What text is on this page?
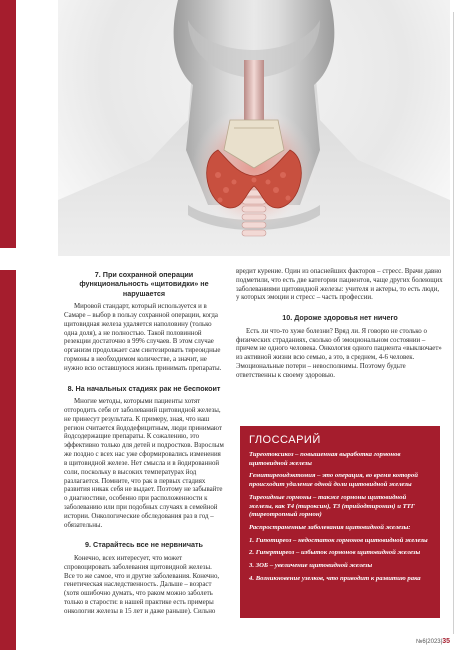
7. При сохранной операции функциональность «щитовидки» не нарушается

Мировой стандарт, который используется и в Самаре – выбор в пользу сохранной операции, когда щитовидная железа удаляется наполовину (только одна доля), а не полностью. Такой половинной резекции достаточно в 99% случаев. В этом случае организм продолжает сам синтезировать тиреоидные гормоны в необходимом количестве, а значит, не нужно всю оставшуюся жизнь принимать препараты.

8. На начальных стадиях рак не беспокоит

Многие методы, которыми пациенты хотят отгородить себя от заболеваний щитовидной железы,

не принесут результата. К примеру, зная, что наш регион считается йододефицитным, люди принимают йодсодержащие препараты. К сожалению, это эффективно только для детей и подростков. Взрослым же поздно с всех нас уже сформировались изменения в щитовидной железе. Нет смысла и в йодированной соли, поскольку в высоких температурах йод разлагается. Помните, что рак в первых стадиях развития никак себя не выдает. Поэтому не забывайте о диагностике, особенно при расположенности к заболеванию или при подобных случаях в семейной истории. Онкологические обследования раз в год – обязательны.

9. Старайтесь все не нервничать

Конечно, всех интересует, что может спровоцировать заболевания щитовидной железы. Все то же самое, что и другие заболевания. Конечно, генетическая наследственность. Дальше – возраст (хотя ошибочно думать, что раком можно заболеть только в старости: в нашей практике есть примеры онкологии железы в 15 лет и даже раньше). Сильно

вредит курение. Один из опаснейших факторов – стресс. Врачи давно подметили, что есть две категории пациентов, чаще других болеющих заболеваниями щитовидной железы: учителя и актеры, то есть люди, у которых эмоции и стресс – часть профессии.

10. Дороже здоровья нет ничего

Есть ли что-то хуже болезни? Вряд ли. Я говорю не столько о физических страданиях, сколько об эмоциональном состоянии – причем не одного человека. Онкология одного пациента «выключает» из активной жизни всю семью, а это, в среднем, 4-6 человек. Эмоциональные потери – невосполнимы. Поэтому будьте ответственны к своему здоровью.

ГЛОССАРИЙ
Тиреотоксикоз – повышенная выработка гормонов щитовидной железы
Гемитиреоидэктомия – это операция, во время которой происходит удаление одной доли щитовидной железы
Тиреоидные гормоны – также гормоны щитовидной железы, как Т4 (тироксин), Т3 (трийодтиронин) и ТТГ (тиреотропный гормон)
Распространенные заболевания щитовидной железы:
1. Гипотиреоз – недостаток гормонов щитовидной железы
2. Гипертиреоз – избыток гормонов щитовидной железы
3. ЗОБ – увеличение щитовидной железы
4. Возникновение узелков, что приводит к развитию рака
№6|2023|35
